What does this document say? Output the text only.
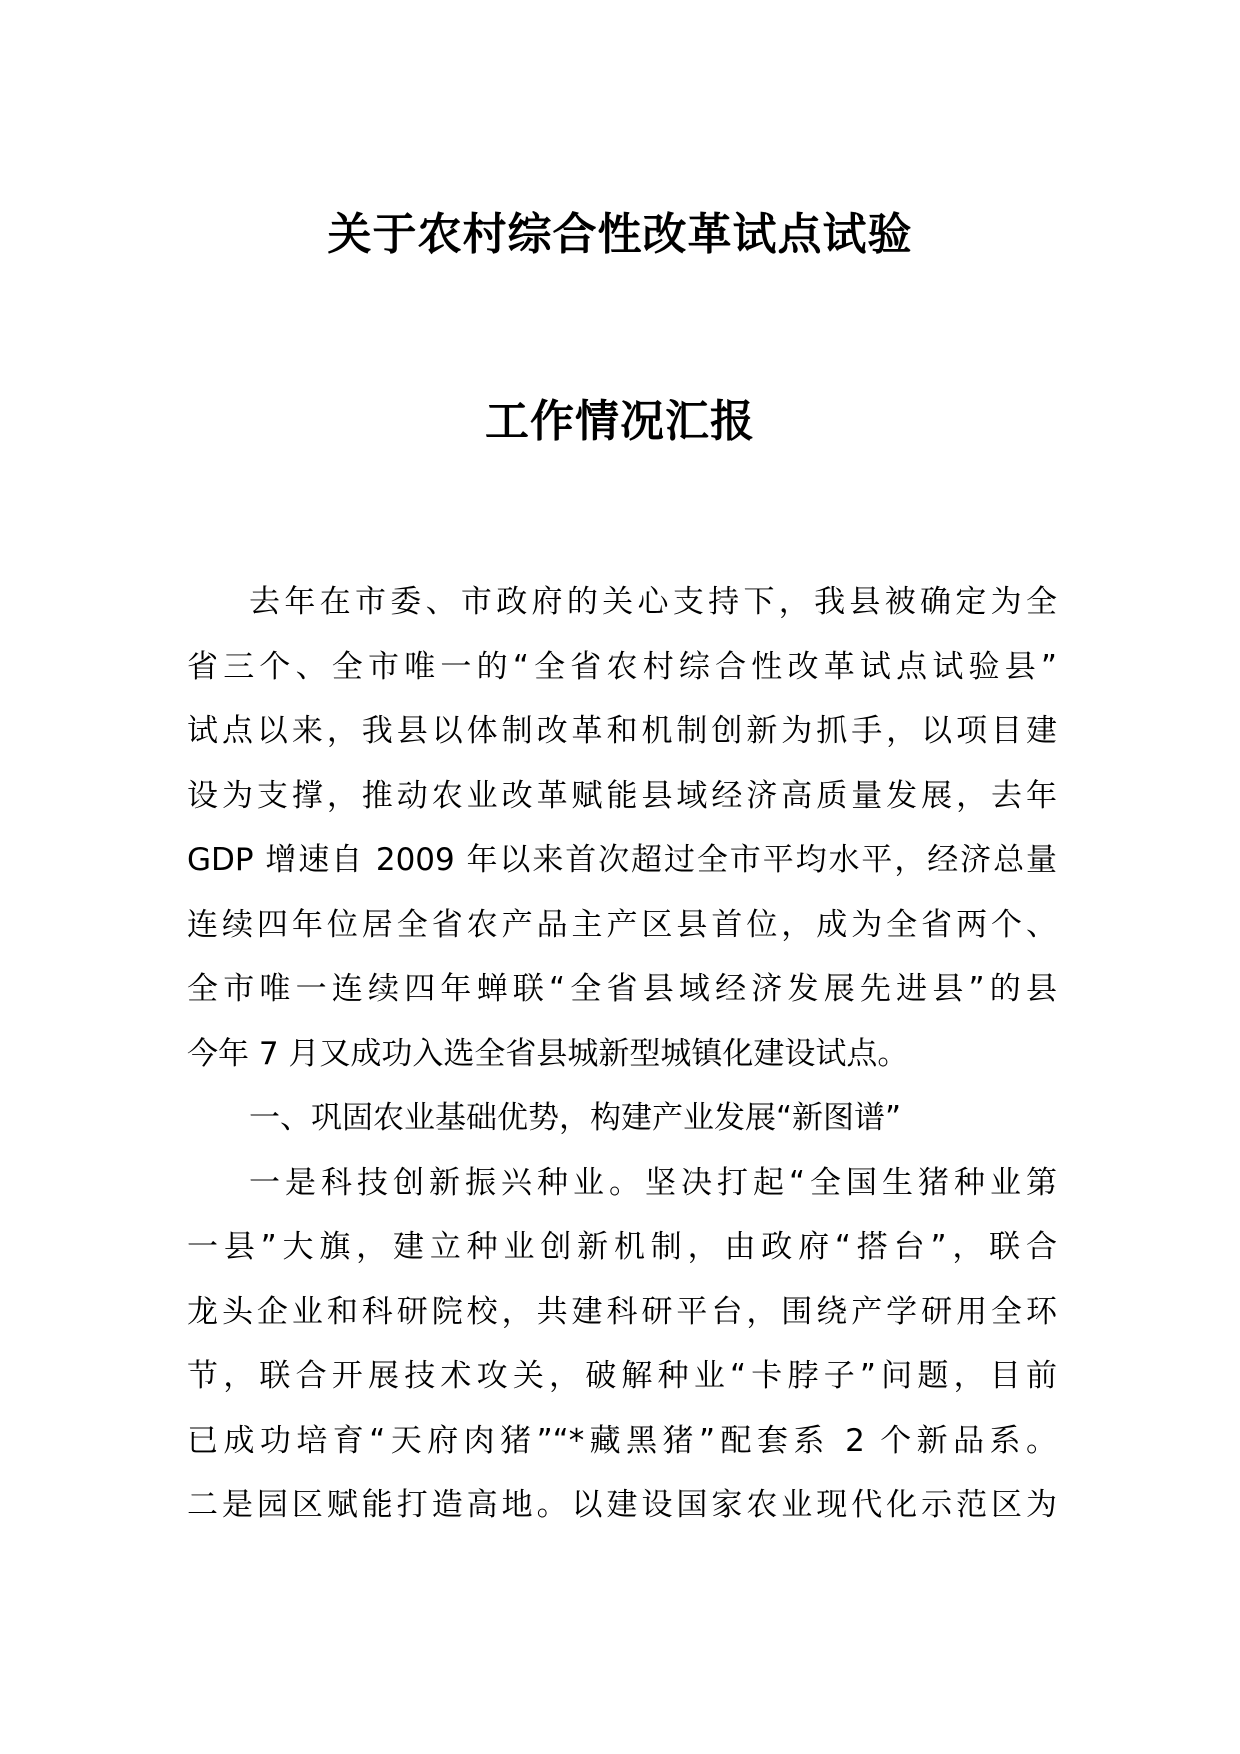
关于农村综合性改革试点试验
工作情况汇报
去年在市委、市政府的关心支持下，我县被确定为全
省三个、全市唯一的“全省农村综合性改革试点试验县”
试点以来，我县以体制改革和机制创新为抓手，以项目建
设为支撑，推动农业改革赋能县域经济高质量发展，去年
GDP 增速自 2009 年以来首次超过全市平均水平，经济总量
连续四年位居全省农产品主产区县首位，成为全省两个、
全市唯一连续四年蝉联“全省县域经济发展先进县”的县
今年 7 月又成功入选全省县城新型城镇化建设试点。
一、巩固农业基础优势，构建产业发展“新图谱”
一是科技创新振兴种业。坚决打起“全国生猪种业第
一县”大旗，建立种业创新机制，由政府“搭台”，联合
龙头企业和科研院校，共建科研平台，围绕产学研用全环
节，联合开展技术攻关，破解种业“卡脖子”问题，目前
已成功培育“天府肉猪”“*藏黑猪”配套系 2 个新品系。
二是园区赋能打造高地。以建设国家农业现代化示范区为
